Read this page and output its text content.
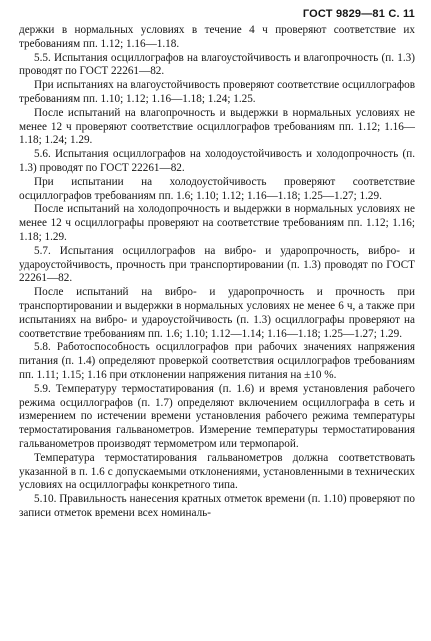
ГОСТ 9829—81 С. 11

держки в нормальных условиях в течение 4 ч проверяют соответствие их требованиям пп. 1.12; 1.16—1.18.

5.5. Испытания осциллографов на влагоустойчивость и влагопрочность (п. 1.3) проводят по ГОСТ 22261—82.

При испытаниях на влагоустойчивость проверяют соответствие осциллографов требованиям пп. 1.10; 1.12; 1.16—1.18; 1.24; 1.25.

После испытаний на влагопрочность и выдержки в нормальных условиях не менее 12 ч проверяют соответствие осциллографов требованиям пп. 1.12; 1.16—1.18; 1.24; 1.29.

5.6. Испытания осциллографов на холодоустойчивость и холодопрочность (п. 1.3) проводят по ГОСТ 22261—82.

При испытании на холодоустойчивость проверяют соответствие осциллографов требованиям пп. 1.6; 1.10; 1.12; 1.16—1.18; 1.25—1.27; 1.29.

После испытаний на холодопрочность и выдержки в нормальных условиях не менее 12 ч осциллографы проверяют на соответствие требованиям пп. 1.12; 1.16; 1.18; 1.29.

5.7. Испытания осциллографов на вибро- и ударопрочность, вибро- и удароустойчивость, прочность при транспортировании (п. 1.3) проводят по ГОСТ 22261—82.

После испытаний на вибро- и ударопрочность и прочность при транспортировании и выдержки в нормальных условиях не менее 6 ч, а также при испытаниях на вибро- и удароустойчивость (п. 1.3) осциллографы проверяют на соответствие требованиям пп. 1.6; 1.10; 1.12—1.14; 1.16—1.18; 1.25—1.27; 1.29.

5.8. Работоспособность осциллографов при рабочих значениях напряжения питания (п. 1.4) определяют проверкой соответствия осциллографов требованиям пп. 1.11; 1.15; 1.16 при отклонении напряжения питания на ±10 %.

5.9. Температуру термостатирования (п. 1.6) и время установления рабочего режима осциллографов (п. 1.7) определяют включением осциллографа в сеть и измерением по истечении времени установления рабочего режима температуры термостатирования гальванометров. Измерение температуры термостатирования гальванометров производят термометром или термопарой.

Температура термостатирования гальванометров должна соответствовать указанной в п. 1.6 с допускаемыми отклонениями, установленными в технических условиях на осциллографы конкретного типа.

5.10. Правильность нанесения кратных отметок времени (п. 1.10) проверяют по записи отметок времени всех номиналь-
